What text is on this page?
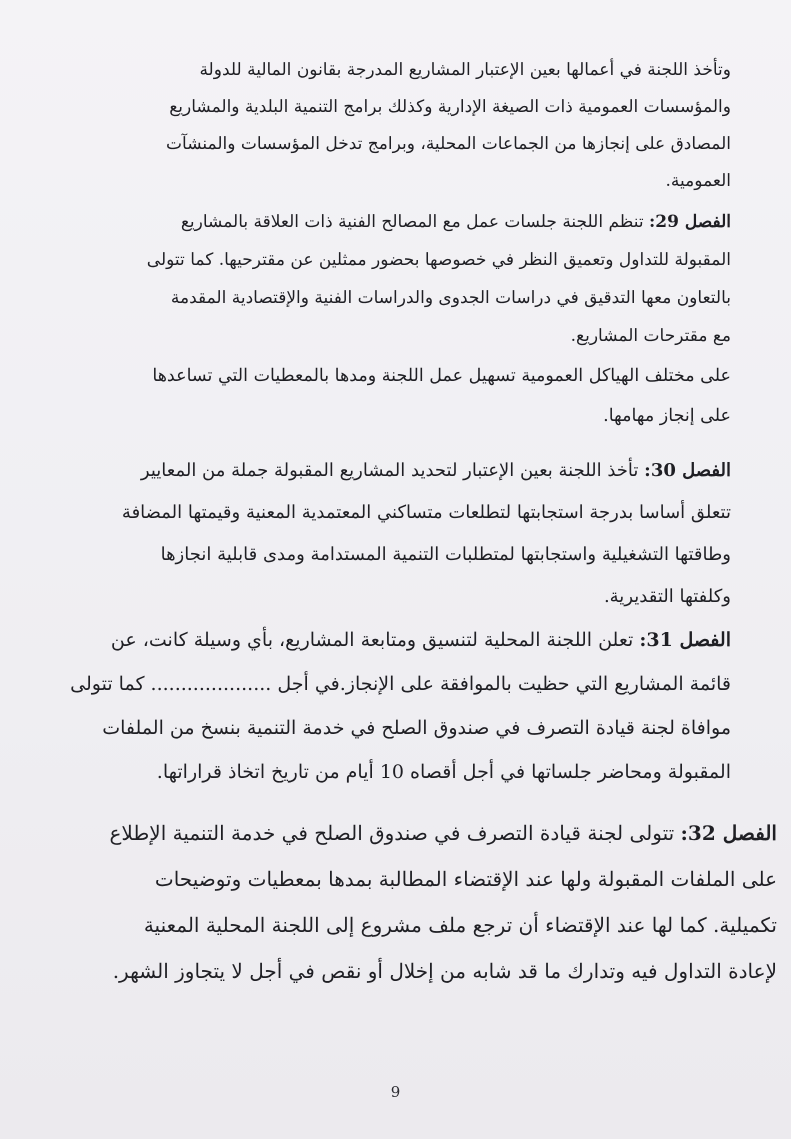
وتأخذ اللجنة في أعمالها بعين الإعتبار المشاريع المدرجة بقانون المالية للدولة
والمؤسسات العمومية ذات الصيغة الإدارية وكذلك برامج التنمية البلدية والمشاريع
المصادق على إنجازها من الجماعات المحلية، وبرامج تدخل المؤسسات والمنشآت
العمومية.

الفصل 29: تنظم اللجنة جلسات عمل مع المصالح الفنية ذات العلاقة بالمشاريع
المقبولة للتداول وتعميق النظر في خصوصها بحضور ممثلين عن مقترحيها. كما تتولى
بالتعاون معها التدقيق في دراسات الجدوى والدراسات الفنية والإقتصادية المقدمة
مع مقترحات المشاريع.

على مختلف الهياكل العمومية تسهيل عمل اللجنة ومدها بالمعطيات التي تساعدها
على إنجاز مهامها.

الفصل 30: تأخذ اللجنة بعين الإعتبار لتحديد المشاريع المقبولة جملة من المعايير
تتعلق أساسا بدرجة استجابتها لتطلعات متساكني المعتمدية المعنية وقيمتها المضافة
وطاقتها التشغيلية واستجابتها لمتطلبات التنمية المستدامة ومدى قابلية انجازها
وكلفتها التقديرية.

الفصل 31: تعلن اللجنة المحلية لتنسيق ومتابعة المشاريع، بأي وسيلة كانت، عن
قائمة المشاريع التي حظيت بالموافقة على الإنجاز.في أجل .................... كما تتولى
موافاة لجنة قيادة التصرف في صندوق الصلح في خدمة التنمية بنسخ من الملفات
المقبولة ومحاضر جلساتها في أجل أقصاه 10 أيام من تاريخ اتخاذ قراراتها.

الفصل 32: تتولى لجنة قيادة التصرف في صندوق الصلح في خدمة التنمية الإطلاع
على الملفات المقبولة ولها عند الإقتضاء المطالبة بمدها بمعطيات وتوضيحات
تكميلية. كما لها عند الإقتضاء أن ترجع ملف مشروع إلى اللجنة المحلية المعنية
لإعادة التداول فيه وتدارك ما قد شابه من إخلال أو نقص في أجل لا يتجاوز الشهر.

9
